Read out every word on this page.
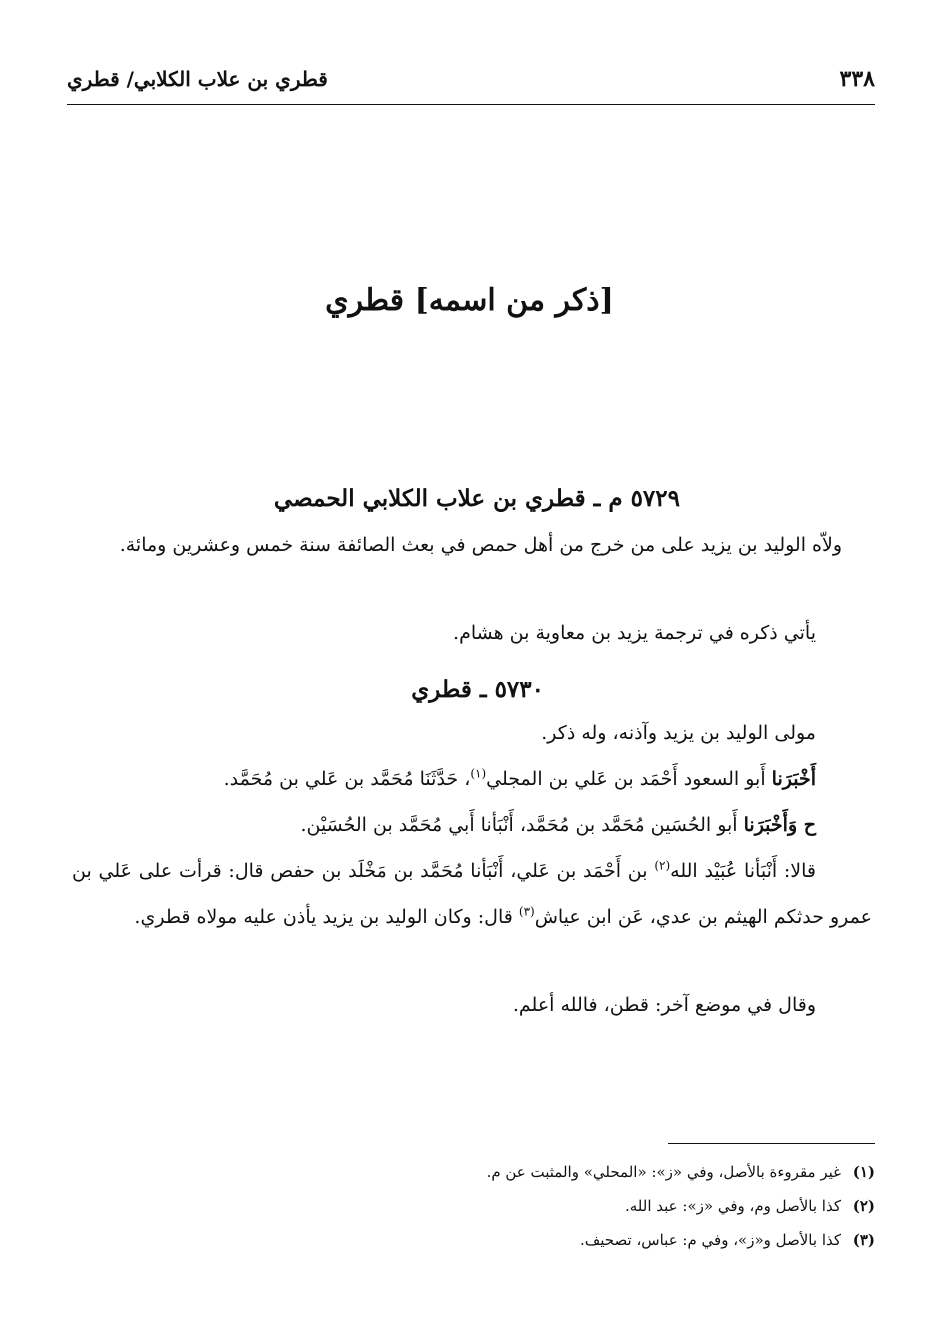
٣٣٨
قطري بن علاب الكلابي/ قطري
[ذكر من اسمه] قطري
٥٧٢٩ م ـ قطري بن علاب الكلابي الحمصي
ولاّه الوليد بن يزيد على من خرج من أهل حمص في بعث الصائفة سنة خمس وعشرين ومائة.
يأتي ذكره في ترجمة يزيد بن معاوية بن هشام.
٥٧٣٠ ـ قطري
مولى الوليد بن يزيد وآذنه، وله ذكر.
أَخْبَرَنا أَبو السعود أَحْمَد بن عَلي بن المجلي$^{(١)}$، حَدَّثَنَا مُحَمَّد بن عَلي بن مُحَمَّد.
ح وَأَخْبَرَنا أَبو الحُسَين مُحَمَّد بن مُحَمَّد، أَنْبَأنا أَبي مُحَمَّد بن الحُسَيْن.
قالا: أَنْبَأنا عُبَيْد الله$^{(٢)}$ بن أَحْمَد بن عَلي، أَنْبَأنا مُحَمَّد بن مَخْلَد بن حفص قال: قرأت على عَلي بن عمرو حدثكم الهيثم بن عدي، عَن ابن عياش$^{(٣)}$ قال: وكان الوليد بن يزيد يأذن عليه مولاه قطري.
وقال في موضع آخر: قطن، فالله أعلم.
(١)غير مقروءة بالأصل، وفي «ز»: «المحلي» والمثبت عن م.
(٢)كذا بالأصل وم، وفي «ز»: عبد الله.
(٣)كذا بالأصل و«ز»، وفي م: عباس، تصحيف.
